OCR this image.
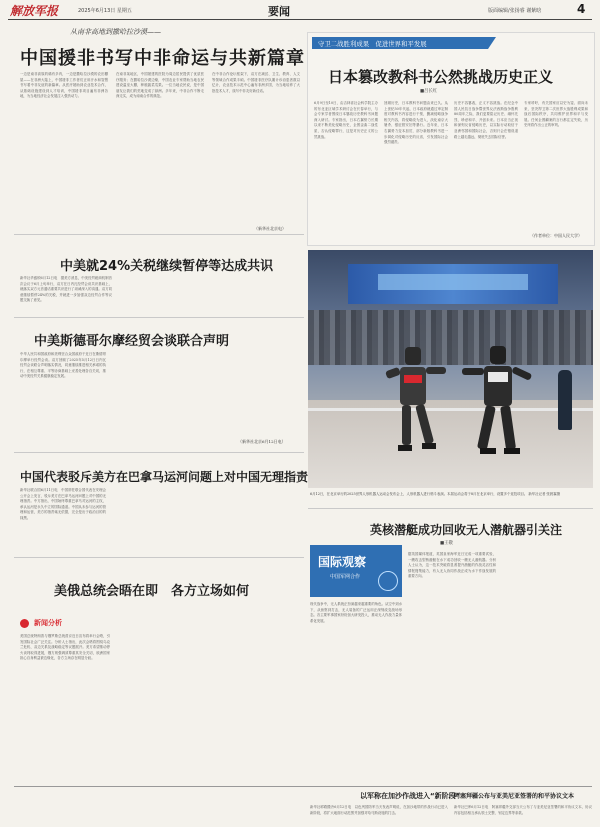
解放军报	2025年6月13日 星期五	要闻	版面编辑/张扬睿 谢紫晗	4
从南非高地到撒哈拉沙漠——
中国援非书写中非命运与共新篇章
一边是南非高原的稀有多肉，一边是撒哈拉沙漠的农田棚屋——在非洲大陆上，中国援非工作者们正用汗水和智慧书写着中非友谊的新篇章。从医疗援助到农业技术合作，从基础设施建设到人才培训，中国援非项目遍布非洲各地，为当地经济社会发展注入强劲动力。
在南非某地区，中国援建的医院为周边居民提供了优质医疗服务；在撒哈拉沙漠边缘，中国农业专家帮助当地农民建设温室大棚，种植蔬菜瓜果。一位当地农民说，是中国朋友让我们的荒地变成了绿洲。多年来，中非合作不断走深走实，成为南南合作的典范。
在中非合作论坛框架下，双方在减贫、卫生、教育、人文等领域合作成果丰硕。中国援非医疗队累计诊治患者数以亿计，农业技术示范中心遍布非洲多国，为当地培养了大批技术人才，续写中非友好新佳话。
（新华社北京电）
守卫二战胜利成果　促进世界和平发展
日本篡改教科书公然挑战历史正义
■吕长红
6月9日至10日，由吉林省社会科学院主办的东北亚区域学术研讨会在长春举行，与会专家学者围绕日本篡改历史教科书问题深入研讨。专家指出，日本右翼势力长期以来不断美化侵略历史，企图歪曲二战性质，否认侵略罪行，这是对历史正义的公然挑战。
回顾历史，日本教科书问题由来已久。从上世纪50年代起，日本政府就通过审定制度对教科书内容进行干预，删减侵略战争相关内容，将侵略改为进入，淡化南京大屠杀、强征慰安妇等暴行。近年来，日本右翼势力变本加厉，部分新版教科书进一步弱化对侵略历史的反省，引发国际社会强烈谴责。
历史不容篡改，正义不容挑战。在纪念中国人民抗日战争暨世界反法西斯战争胜利80周年之际，我们更要铭记历史、缅怀先烈、珍爱和平、开创未来。日本应当正视和深刻反省侵略历史，以实际行动取信于亚洲邻国和国际社会，否则只会在错误道路上越走越远，彻底失去国际信誉。
专家呼吁，有关国家应以史为鉴、面向未来，坚决捍卫第二次世界大战胜利成果和战后国际秩序，共同维护世界和平与发展。任何企图翻案的言行都注定失败，历史终将作出公正的审判。
（作者单位：中国人民大学）
中美就24%关税继续暂停等达成共识
新华社华盛顿6月12日电　据美方消息，中美经贸磋商机制首次会议于6月上旬举行，双方在日内瓦经贸会谈共识基础上，就落实双方元首通话重要共识进行了坦诚深入的沟通。双方同意继续暂停24%的关税，并就进一步加强双边经贸合作等议题交换了意见。
中美斯德哥尔摩经贸会谈联合声明
中华人民共和国政府和美利坚合众国政府于近日在斯德哥尔摩举行经贸会谈。双方回顾了2025年5月12日日内瓦经贸会谈联合声明落实情况，同意继续推进相关承诺的执行，在相互尊重、平等协商基础上妥善处理各自关切，推动中美经贸关系健康稳定发展。
（新华社北京6月12日电）
6月12日，在北京举行的2025世界人形机器人运动会发布会上，人形机器人进行格斗表演。本届运动会将于8月在北京举行，设置多个竞技项目。 新华社记者 张晨霖摄
中国代表驳斥美方在巴拿马运河问题上对中国无理指责
新华社联合国6月11日电　中国常驻联合国代表在安理会公开会上发言，驳斥美方在巴拿马运河问题上对中国的无理指责。中方指出，中国始终尊重巴拿马对运河的主权，承认运河是永久中立的国际通道。中国从未参与运河的管理和运营，美方的指责毫无依据，完全是出于政治目的的抹黑。
英核潜艇成功回收无人潜航器引关注
■王敬
国际观察
中国军网合作
现代战争中，无人系统正扮演越来越重要的角色。从空中到水下，从侦察到打击，无人装备的广泛运用正深刻改变战场形态。各主要军事国家纷纷加大研发投入，推动无人作战力量体系化发展。
据英国媒体报道，英国皇家海军近日完成一项重要试验，一艘攻击型核潜艇在水下成功回收一艘无人潜航器。分析人士认为，这一技术突破将显著提升潜艇的作战灵活性和情报搜集能力，有人无人协同作战正成为水下作战发展的重要方向。
美俄总统会晤在即　各方立场如何
新闻分析
美国总统特朗普与俄罗斯总统普京近日宣布将举行会晤，引发国际社会广泛关注。分析人士指出，此次会晤将围绕乌克兰危机、双边关系及战略稳定等议题展开。美方希望推动停火谈判取得进展，俄方则强调须尊重其安全关切，欧洲国家担心自身利益被边缘化，各方立场存在明显分歧。
以军称在加沙作战进入“新阶段”
新华社耶路撒冷6月12日电　以色列国防军当天发表声明说，在加沙地带的作战行动已进入新阶段，将扩大地面行动范围并加强对哈马斯设施的打击。
阿塞拜疆公布与亚美尼亚签署的和平协议文本
新华社巴库6月12日电　阿塞拜疆外交部当天公布了与亚美尼亚签署的和平协议文本，协议内容包括相互承认领土完整、划定边界等条款。
